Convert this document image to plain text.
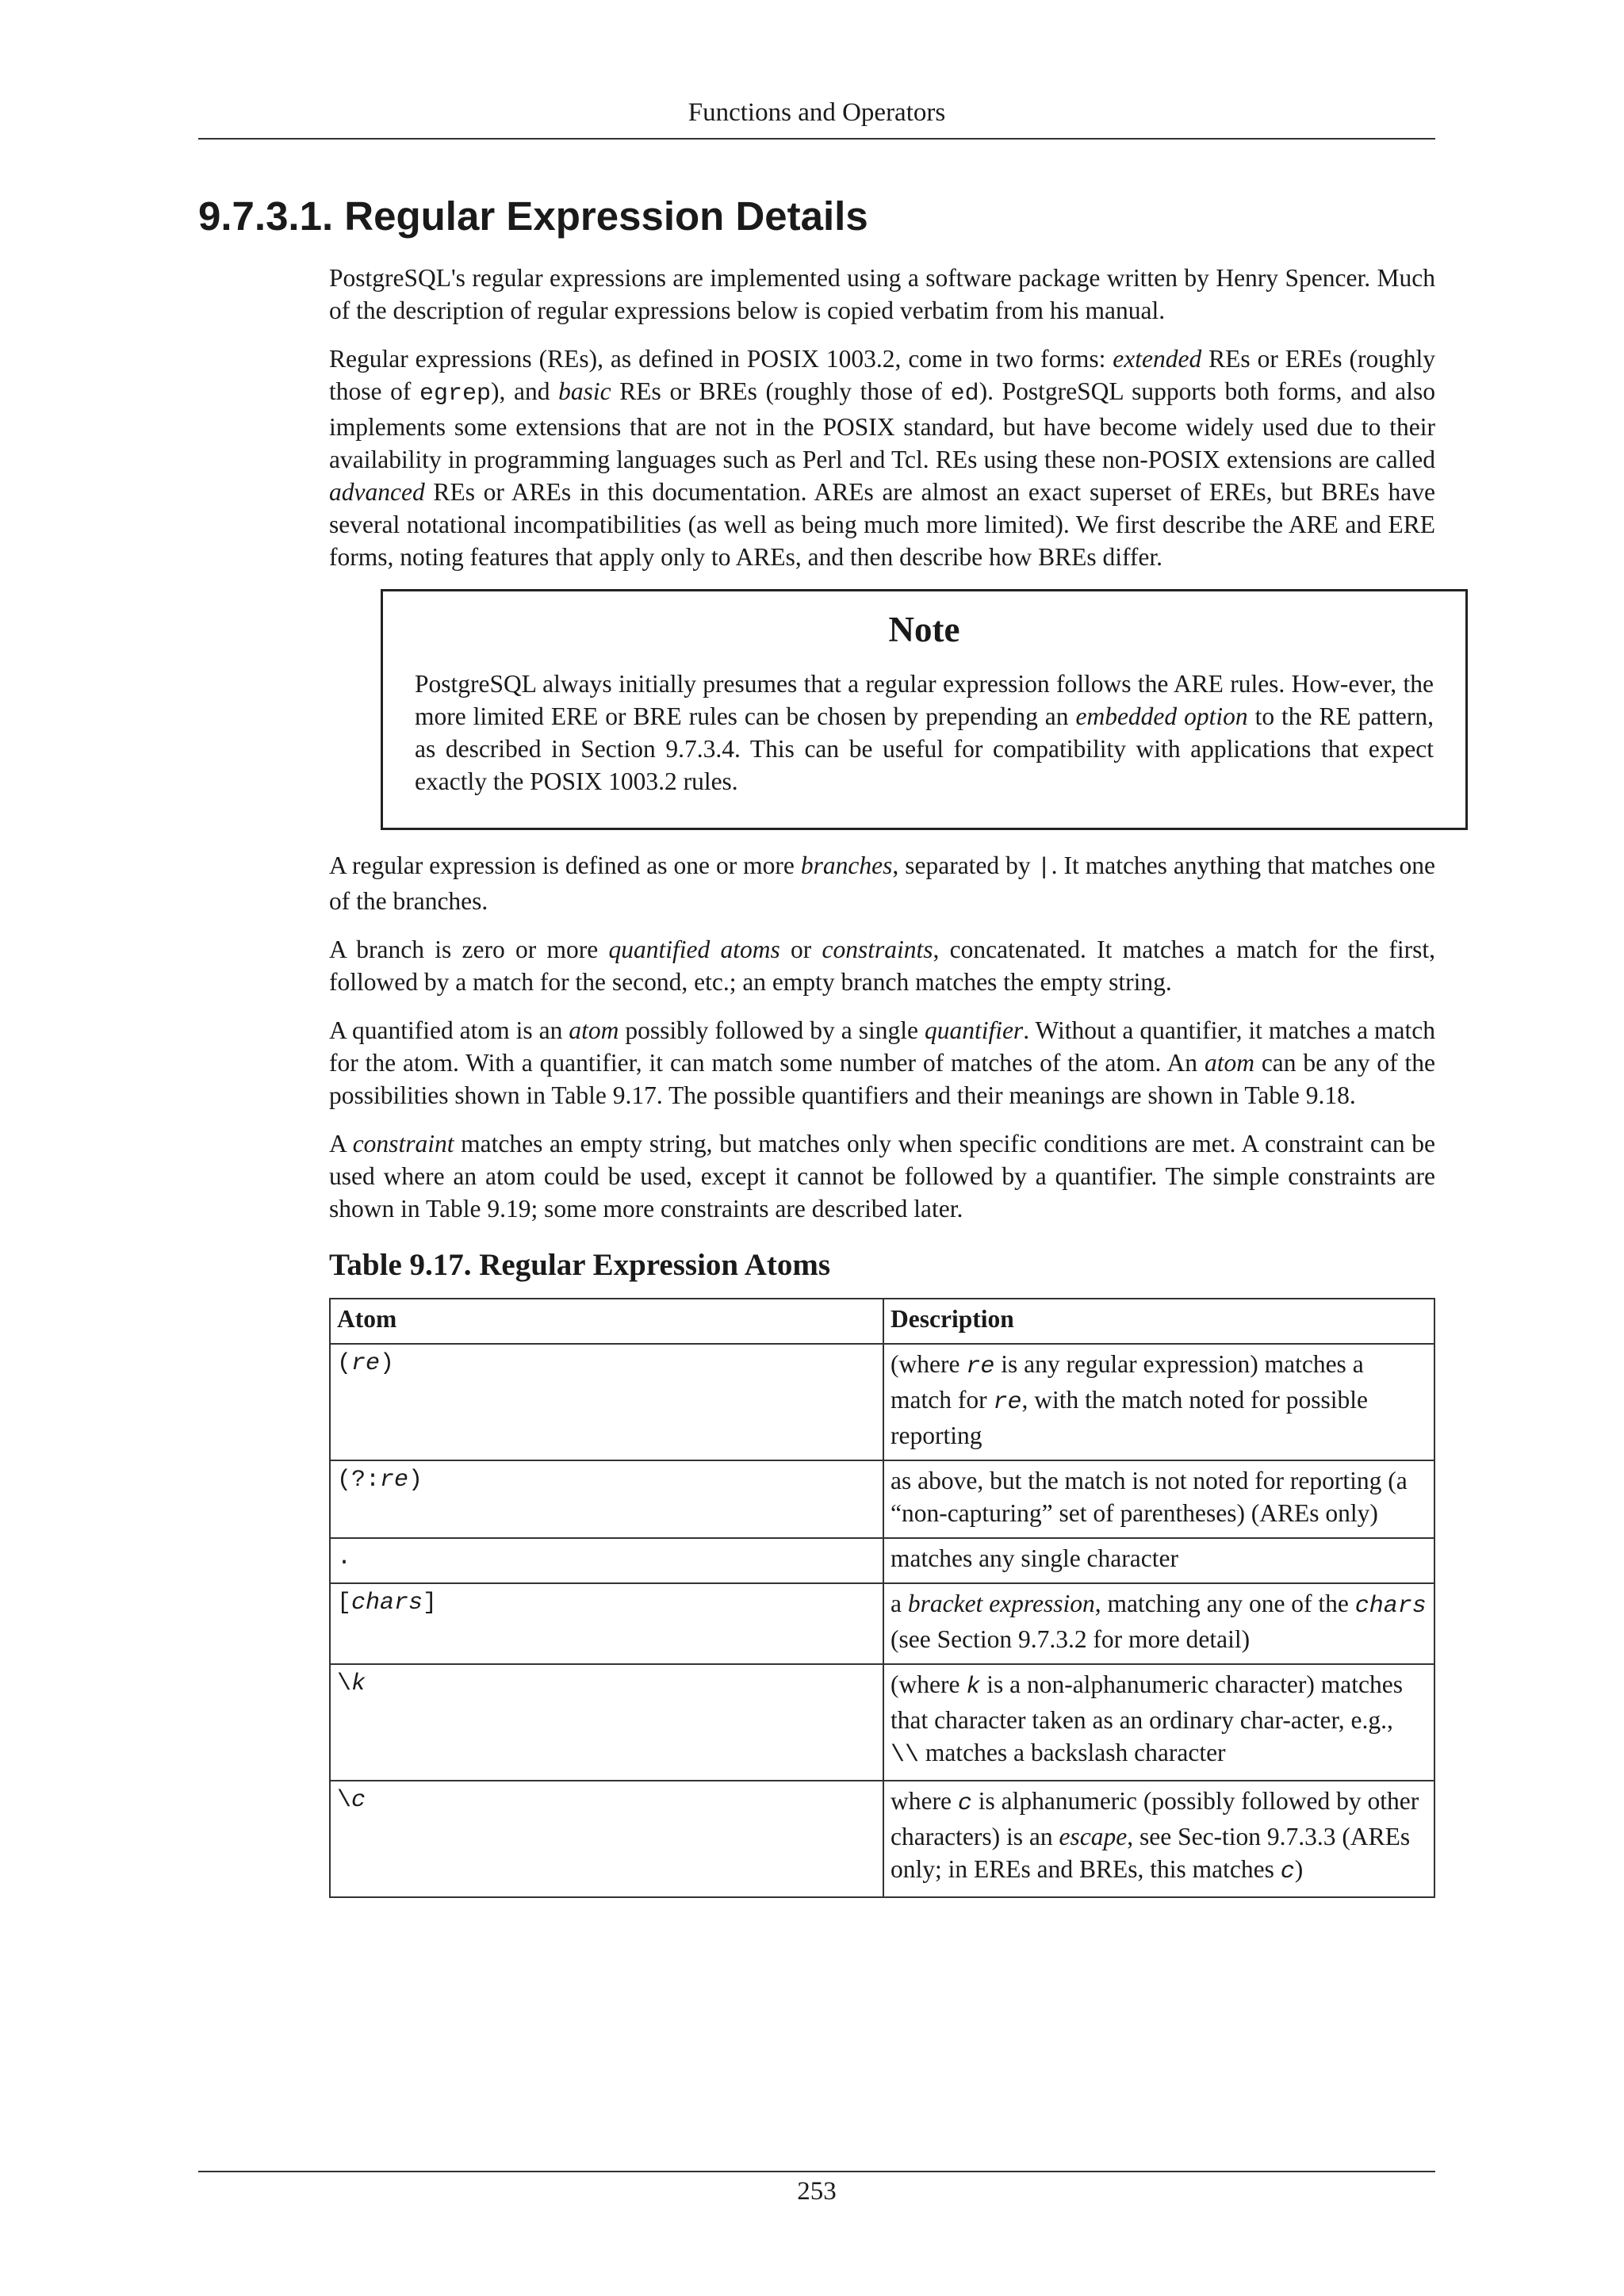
Functions and Operators
9.7.3.1. Regular Expression Details

PostgreSQL's regular expressions are implemented using a software package written by Henry Spencer. Much of the description of regular expressions below is copied verbatim from his manual.

Regular expressions (REs), as defined in POSIX 1003.2, come in two forms: extended REs or EREs (roughly those of egrep), and basic REs or BREs (roughly those of ed). PostgreSQL supports both forms, and also implements some extensions that are not in the POSIX standard, but have become widely used due to their availability in programming languages such as Perl and Tcl. REs using these non-POSIX extensions are called advanced REs or AREs in this documentation. AREs are almost an exact superset of EREs, but BREs have several notational incompatibilities (as well as being much more limited). We first describe the ARE and ERE forms, noting features that apply only to AREs, and then describe how BREs differ.

Note

PostgreSQL always initially presumes that a regular expression follows the ARE rules. How-ever, the more limited ERE or BRE rules can be chosen by prepending an embedded option to the RE pattern, as described in Section 9.7.3.4. This can be useful for compatibility with applications that expect exactly the POSIX 1003.2 rules.

A regular expression is defined as one or more branches, separated by |. It matches anything that matches one of the branches.

A branch is zero or more quantified atoms or constraints, concatenated. It matches a match for the first, followed by a match for the second, etc.; an empty branch matches the empty string.

A quantified atom is an atom possibly followed by a single quantifier. Without a quantifier, it matches a match for the atom. With a quantifier, it can match some number of matches of the atom. An atom can be any of the possibilities shown in Table 9.17. The possible quantifiers and their meanings are shown in Table 9.18.

A constraint matches an empty string, but matches only when specific conditions are met. A constraint can be used where an atom could be used, except it cannot be followed by a quantifier. The simple constraints are shown in Table 9.19; some more constraints are described later.

Table 9.17. Regular Expression Atoms
Atom	Description
(re)	(where re is any regular expression) matches a match for re, with the match noted for possible reporting
(?:re)	as above, but the match is not noted for reporting (a “non-capturing” set of parentheses) (AREs only)
.	matches any single character
[chars]	a bracket expression, matching any one of the chars (see Section 9.7.3.2 for more detail)
\k	(where k is a non-alphanumeric character) matches that character taken as an ordinary char-acter, e.g., \\ matches a backslash character
\c	where c is alphanumeric (possibly followed by other characters) is an escape, see Sec-tion 9.7.3.3 (AREs only; in EREs and BREs, this matches c)
253
